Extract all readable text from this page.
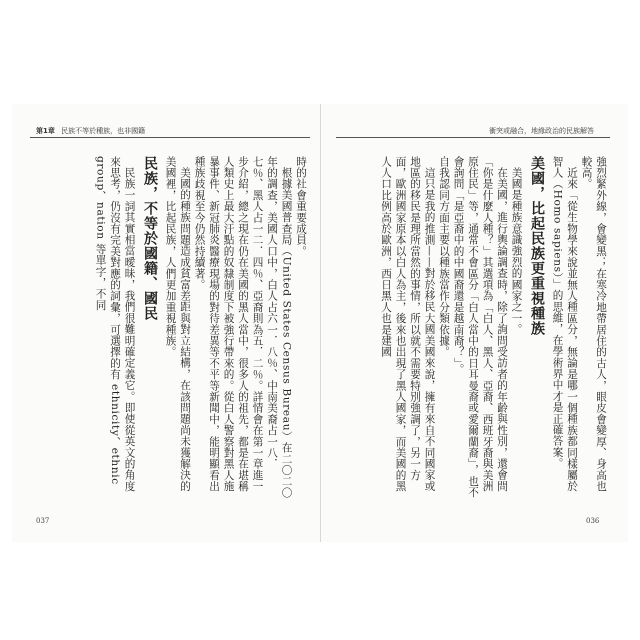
第1章 民族不等於種族，也非國籍

時的社會重要成員。

根據美國普查局（United States Census Bureau）在二〇二〇年的調查，美國人口中，白人占六一．八％、中南美裔占一八．七％、黑人占一二．四％、亞裔則為五．二％。詳情會在第一章進一步介紹，總之現在仍在美國的黑人當中，很多人的祖先，都是在堪稱人類史上最大汙點的奴隸制度下被強行帶來的。從白人警察對黑人施暴事件、新冠肺炎醫療現場的對待差異等不平等新聞中，能明顯看出種族歧視至今仍然持續著。

美國的種族問題造成貧富差距與對立結構，在該問題尚未獲解決的美國裡，比起民族，人們更加重視種族。

民族，不等於國籍、國民

民族一詞其實相當曖昧，我們很難明確定義它。即使從英文的角度來思考，仍沒有完美對應的詞彙，可選擇的有 ethnicity、ethnic group、nation 等單字，不同

037
衝突或融合，地緣政治的民族解答

強烈緊外線，會變黑；在寒冷地帶居住的古人，眼皮會變厚、身高也較高。

近來「從生物學來說並無人種區分，無論是哪一個種族都同樣屬於智人（Homo sapiens）」的思維，在學術界中才是正確答案。

美國，比起民族更重視種族

美國是種族意識強烈的國家之一。

在美國，進行輿論調查時，除了詢問受訪者的年齡與性別，還會問「你是什麼人種？」其選項為「白人、黑人、亞裔、西班牙裔與美洲原住民」等，通常不會區分「白人當中的日耳曼裔或愛爾蘭裔」，也不會詢問「是亞裔中的中國裔還是越南裔？」。

自我認同方面主要以種族當作分類依據。

這只是我的推測——對於移民大國美國來說，擁有來自不同國家或地區的移民是理所當然的事情，所以就不需要特別強調了，另一方面，歐洲國家原本以白人為主，後來也出現了黑人國家，而美國的黑人人口比例高於歐洲，西日黑人也是建國

036
